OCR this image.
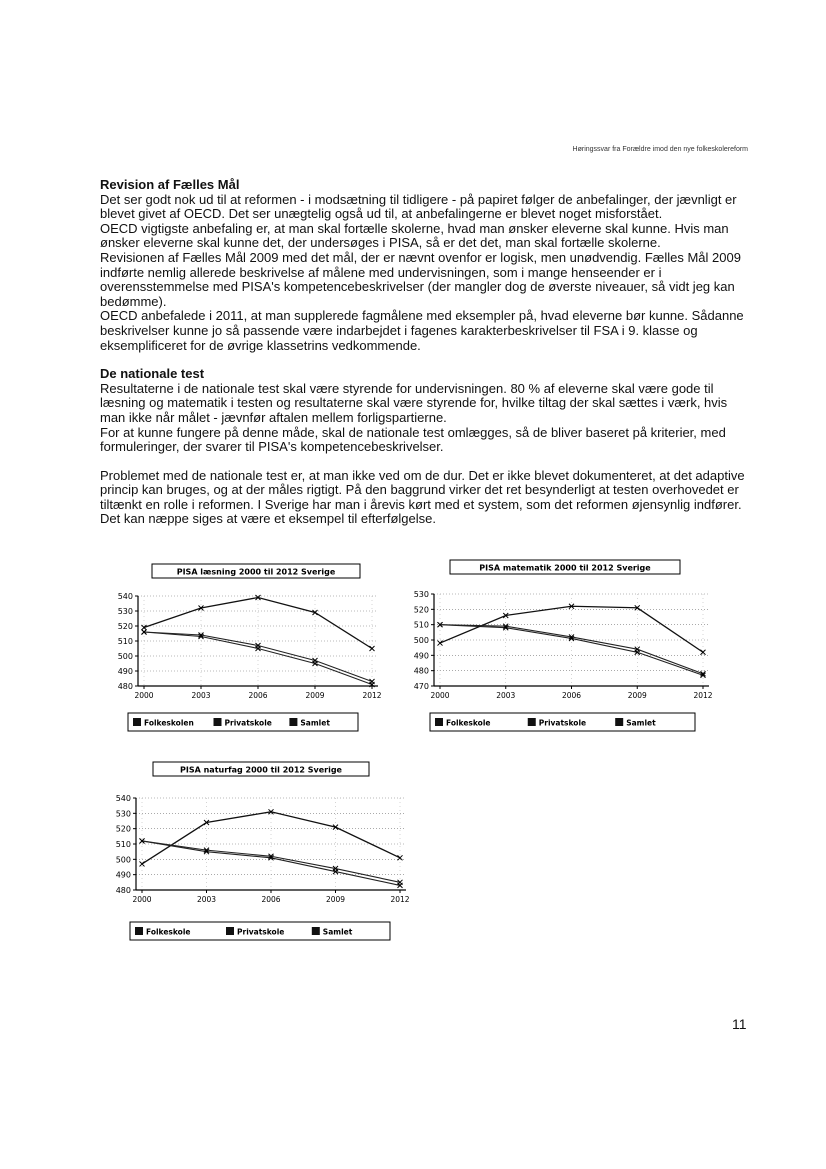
Høringssvar fra Forældre imod den nye folkeskolereform
Revision af Fælles Mål

Det ser godt nok ud til at reformen - i modsætning til tidligere - på papiret følger de anbefalinger, der jævnligt er blevet givet af OECD. Det ser unægtelig også ud til, at anbefalingerne er blevet noget misforstået.

OECD vigtigste anbefaling er, at man skal fortælle skolerne, hvad man ønsker eleverne skal kunne. Hvis man ønsker eleverne skal kunne det, der undersøges i PISA, så er det det, man skal fortælle skolerne.

Revisionen af Fælles Mål 2009 med det mål, der er nævnt ovenfor er logisk, men unødvendig. Fælles Mål 2009 indførte nemlig allerede beskrivelse af målene med undervisningen, som i mange henseender er i overensstemmelse med PISA's kompetencebeskrivelser (der mangler dog de øverste niveauer, så vidt jeg kan bedømme).

OECD anbefalede i 2011, at man supplerede fagmålene med eksempler på, hvad eleverne bør kunne. Sådanne beskrivelser kunne jo så passende være indarbejdet i fagenes karakterbeskrivelser til FSA i 9. klasse og eksemplificeret for de øvrige klassetrins vedkommende.

De nationale test

Resultaterne i de nationale test skal være styrende for undervisningen. 80 % af eleverne skal være gode til læsning og matematik i testen og resultaterne skal være styrende for, hvilke tiltag der skal sættes i værk, hvis man ikke når målet - jævnfør aftalen mellem forligspartierne.

For at kunne fungere på denne måde, skal de nationale test omlægges, så de bliver baseret på kriterier, med formuleringer, der svarer til PISA's kompetencebeskrivelser.

Problemet med de nationale test er, at man ikke ved om de dur. Det er ikke blevet dokumenteret, at det adaptive princip kan bruges, og at der måles rigtigt. På den baggrund virker det ret besynderligt at testen overhovedet er tiltænkt en rolle i reformen. I Sverige har man i årevis kørt med et system, som det reformen øjensynlig indfører. Det kan næppe siges at være et eksempel til efterfølgelse.

PISA læsning 2000 til 2012 Sverige
480
490
500
510
520
530
540
2000	2003	2006	2009	2012
Folkeskolen	Privatskole	Samlet
PISA matematik 2000 til 2012 Sverige
470
480
490
500
510
520
530
2000	2003	2006	2009	2012
Folkeskole	Privatskole	Samlet
PISA naturfag 2000 til 2012 Sverige
480
490
500
510
520
530
540
2000	2003	2006	2009	2012
Folkeskole	Privatskole	Samlet
11
